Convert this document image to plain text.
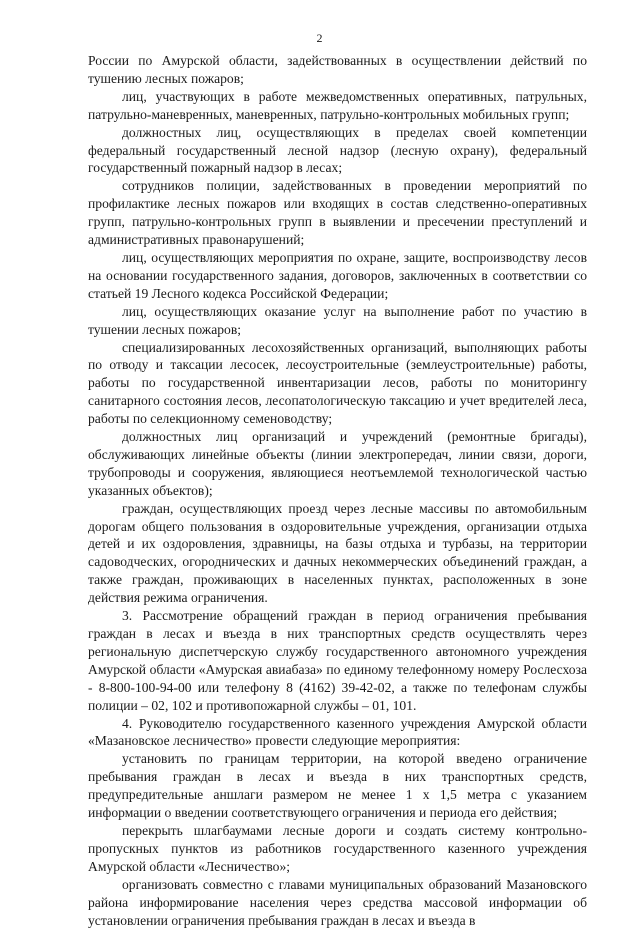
2

России по Амурской области, задействованных в осуществлении действий по тушению лесных пожаров;

лиц, участвующих в работе межведомственных оперативных, патрульных, патрульно-маневренных, маневренных, патрульно-контрольных мобильных групп;

должностных лиц, осуществляющих в пределах своей компетенции федеральный государственный лесной надзор (лесную охрану), федеральный государственный пожарный надзор в лесах;

сотрудников полиции, задействованных в проведении мероприятий по профилактике лесных пожаров или входящих в состав следственно-оперативных групп, патрульно-контрольных групп в выявлении и пресечении преступлений и административных правонарушений;

лиц, осуществляющих мероприятия по охране, защите, воспроизводству лесов на основании государственного задания, договоров, заключенных в соответствии со статьей 19 Лесного кодекса Российской Федерации;

лиц, осуществляющих оказание услуг на выполнение работ по участию в тушении лесных пожаров;

специализированных лесохозяйственных организаций, выполняющих работы по отводу и таксации лесосек, лесоустроительные (землеустроительные) работы, работы по государственной инвентаризации лесов, работы по мониторингу санитарного состояния лесов, лесопатологическую таксацию и учет вредителей леса, работы по селекционному семеноводству;

должностных лиц организаций и учреждений (ремонтные бригады), обслуживающих линейные объекты (линии электропередач, линии связи, дороги, трубопроводы и сооружения, являющиеся неотъемлемой технологической частью указанных объектов);

граждан, осуществляющих проезд через лесные массивы по автомобильным дорогам общего пользования в оздоровительные учреждения, организации отдыха детей и их оздоровления, здравницы, на базы отдыха и турбазы, на территории садоводческих, огороднических и дачных некоммерческих объединений граждан, а также граждан, проживающих в населенных пунктах, расположенных в зоне действия режима ограничения.

3. Рассмотрение обращений граждан в период ограничения пребывания граждан в лесах и въезда в них транспортных средств осуществлять через региональную диспетчерскую службу государственного автономного учреждения Амурской области «Амурская авиабаза» по единому телефонному номеру Рослесхоза - 8-800-100-94-00 или телефону 8 (4162) 39-42-02, а также по телефонам службы полиции – 02, 102 и противопожарной службы – 01, 101.

4. Руководителю государственного казенного учреждения Амурской области «Мазановское лесничество» провести следующие мероприятия:

установить по границам территории, на которой введено ограничение пребывания граждан в лесах и въезда в них транспортных средств, предупредительные аншлаги размером не менее 1 х 1,5 метра с указанием информации о введении соответствующего ограничения и периода его действия;

перекрыть шлагбаумами лесные дороги и создать систему контрольно-пропускных пунктов из работников государственного казенного учреждения Амурской области «Лесничество»;

организовать совместно с главами муниципальных образований Мазановского района информирование населения через средства массовой информации об установлении ограничения пребывания граждан в лесах и въезда в
